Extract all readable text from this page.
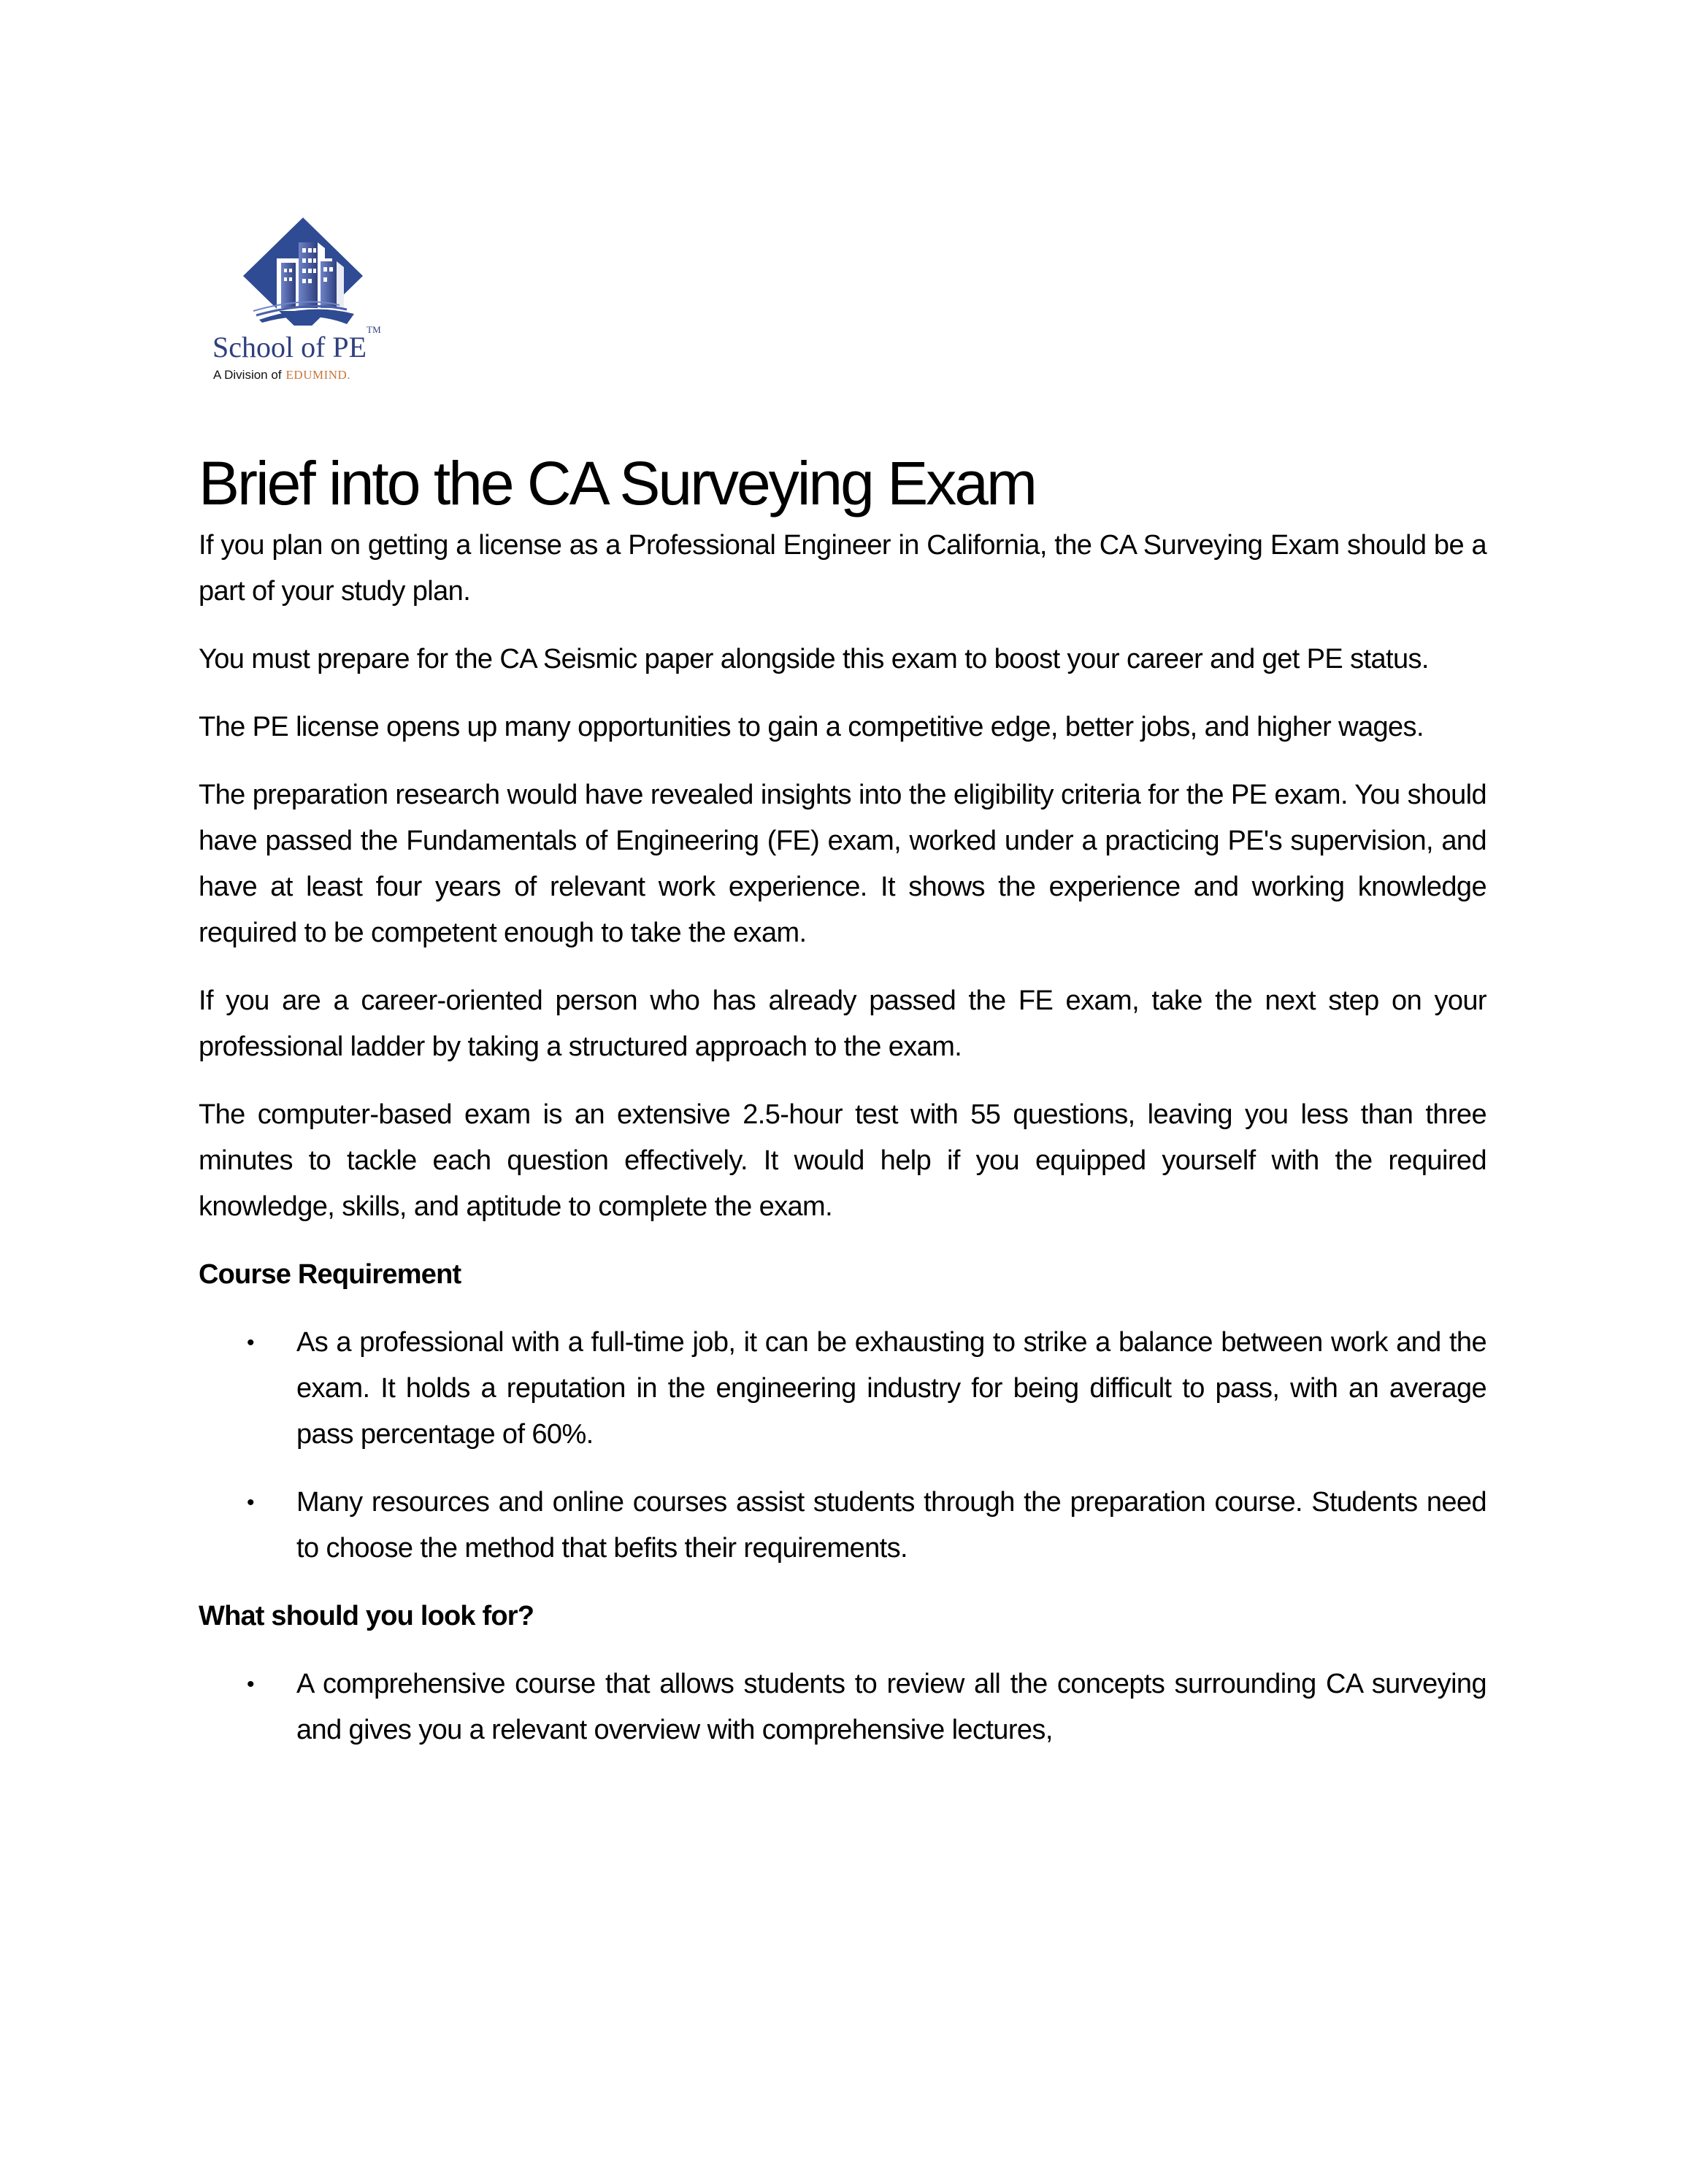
School of PE™
A Division of EDUMIND.
Brief into the CA Surveying Exam

If you plan on getting a license as a Professional Engineer in California, the CA Surveying Exam should be a part of your study plan.

You must prepare for the CA Seismic paper alongside this exam to boost your career and get PE status.

The PE license opens up many opportunities to gain a competitive edge, better jobs, and higher wages.

The preparation research would have revealed insights into the eligibility criteria for the PE exam. You should have passed the Fundamentals of Engineering (FE) exam, worked under a practicing PE's supervision, and have at least four years of relevant work experience. It shows the experience and working knowledge required to be competent enough to take the exam.

If you are a career-oriented person who has already passed the FE exam, take the next step on your professional ladder by taking a structured approach to the exam.

The computer-based exam is an extensive 2.5-hour test with 55 questions, leaving you less than three minutes to tackle each question effectively. It would help if you equipped yourself with the required knowledge, skills, and aptitude to complete the exam.

Course Requirement
• As a professional with a full-time job, it can be exhausting to strike a balance between work and the exam. It holds a reputation in the engineering industry for being difficult to pass, with an average pass percentage of 60%.
• Many resources and online courses assist students through the preparation course. Students need to choose the method that befits their requirements.
What should you look for?
• A comprehensive course that allows students to review all the concepts surrounding CA surveying and gives you a relevant overview with comprehensive lectures,
